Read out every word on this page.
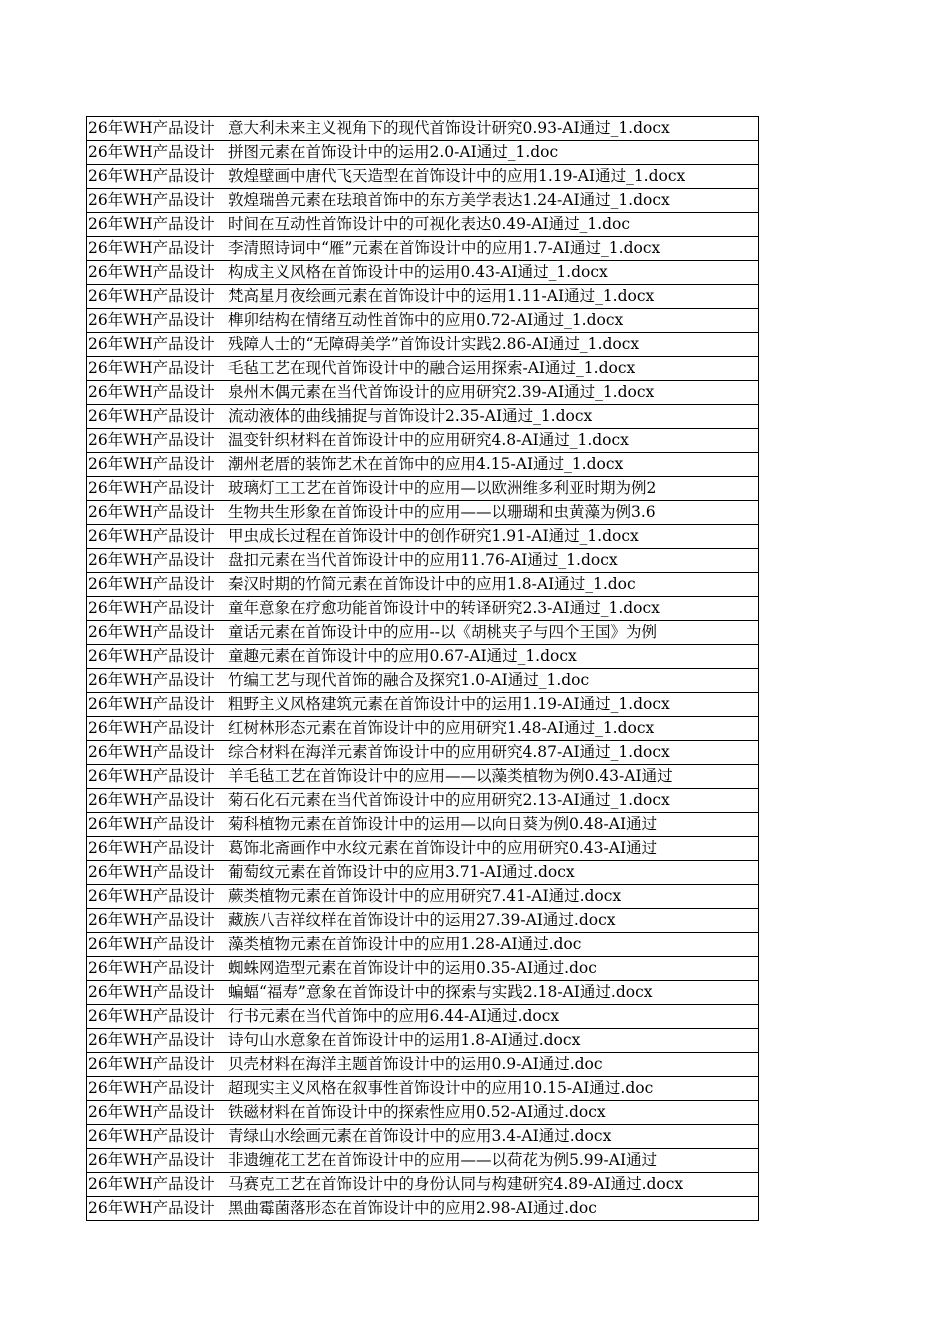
26年WH产品设计 意大利未来主义视角下的现代首饰设计研究0.93-AI通过_1.docx
26年WH产品设计 拼图元素在首饰设计中的运用2.0-AI通过_1.doc
26年WH产品设计 敦煌壁画中唐代飞天造型在首饰设计中的应用1.19-AI通过_1.docx
26年WH产品设计 敦煌瑞兽元素在珐琅首饰中的东方美学表达1.24-AI通过_1.docx
26年WH产品设计 时间在互动性首饰设计中的可视化表达0.49-AI通过_1.doc
26年WH产品设计 李清照诗词中“雁”元素在首饰设计中的应用1.7-AI通过_1.docx
26年WH产品设计 构成主义风格在首饰设计中的运用0.43-AI通过_1.docx
26年WH产品设计 梵高星月夜绘画元素在首饰设计中的运用1.11-AI通过_1.docx
26年WH产品设计 榫卯结构在情绪互动性首饰中的应用0.72-AI通过_1.docx
26年WH产品设计 残障人士的“无障碍美学”首饰设计实践2.86-AI通过_1.docx
26年WH产品设计 毛毡工艺在现代首饰设计中的融合运用探索-AI通过_1.docx
26年WH产品设计 泉州木偶元素在当代首饰设计的应用研究2.39-AI通过_1.docx
26年WH产品设计 流动液体的曲线捕捉与首饰设计2.35-AI通过_1.docx
26年WH产品设计 温变针织材料在首饰设计中的应用研究4.8-AI通过_1.docx
26年WH产品设计 潮州老厝的装饰艺术在首饰中的应用4.15-AI通过_1.docx
26年WH产品设计 玻璃灯工工艺在首饰设计中的应用—以欧洲维多利亚时期为例2
26年WH产品设计 生物共生形象在首饰设计中的应用——以珊瑚和虫黄藻为例3.6
26年WH产品设计 甲虫成长过程在首饰设计中的创作研究1.91-AI通过_1.docx
26年WH产品设计 盘扣元素在当代首饰设计中的应用11.76-AI通过_1.docx
26年WH产品设计 秦汉时期的竹简元素在首饰设计中的应用1.8-AI通过_1.doc
26年WH产品设计 童年意象在疗愈功能首饰设计中的转译研究2.3-AI通过_1.docx
26年WH产品设计 童话元素在首饰设计中的应用--以《胡桃夹子与四个王国》为例
26年WH产品设计 童趣元素在首饰设计中的应用0.67-AI通过_1.docx
26年WH产品设计 竹编工艺与现代首饰的融合及探究1.0-AI通过_1.doc
26年WH产品设计 粗野主义风格建筑元素在首饰设计中的运用1.19-AI通过_1.docx
26年WH产品设计 红树林形态元素在首饰设计中的应用研究1.48-AI通过_1.docx
26年WH产品设计 综合材料在海洋元素首饰设计中的应用研究4.87-AI通过_1.docx
26年WH产品设计 羊毛毡工艺在首饰设计中的应用——以藻类植物为例0.43-AI通过
26年WH产品设计 菊石化石元素在当代首饰设计中的应用研究2.13-AI通过_1.docx
26年WH产品设计 菊科植物元素在首饰设计中的运用—以向日葵为例0.48-AI通过
26年WH产品设计 葛饰北斋画作中水纹元素在首饰设计中的应用研究0.43-AI通过
26年WH产品设计 葡萄纹元素在首饰设计中的应用3.71-AI通过.docx
26年WH产品设计 蕨类植物元素在首饰设计中的应用研究7.41-AI通过.docx
26年WH产品设计 藏族八吉祥纹样在首饰设计中的运用27.39-AI通过.docx
26年WH产品设计 藻类植物元素在首饰设计中的应用1.28-AI通过.doc
26年WH产品设计 蜘蛛网造型元素在首饰设计中的运用0.35-AI通过.doc
26年WH产品设计 蝙蝠“福寿”意象在首饰设计中的探索与实践2.18-AI通过.docx
26年WH产品设计 行书元素在当代首饰中的应用6.44-AI通过.docx
26年WH产品设计 诗句山水意象在首饰设计中的运用1.8-AI通过.docx
26年WH产品设计 贝壳材料在海洋主题首饰设计中的运用0.9-AI通过.doc
26年WH产品设计 超现实主义风格在叙事性首饰设计中的应用10.15-AI通过.doc
26年WH产品设计 铁磁材料在首饰设计中的探索性应用0.52-AI通过.docx
26年WH产品设计 青绿山水绘画元素在首饰设计中的应用3.4-AI通过.docx
26年WH产品设计 非遗缠花工艺在首饰设计中的应用——以荷花为例5.99-AI通过
26年WH产品设计 马赛克工艺在首饰设计中的身份认同与构建研究4.89-AI通过.docx
26年WH产品设计 黑曲霉菌落形态在首饰设计中的应用2.98-AI通过.doc
